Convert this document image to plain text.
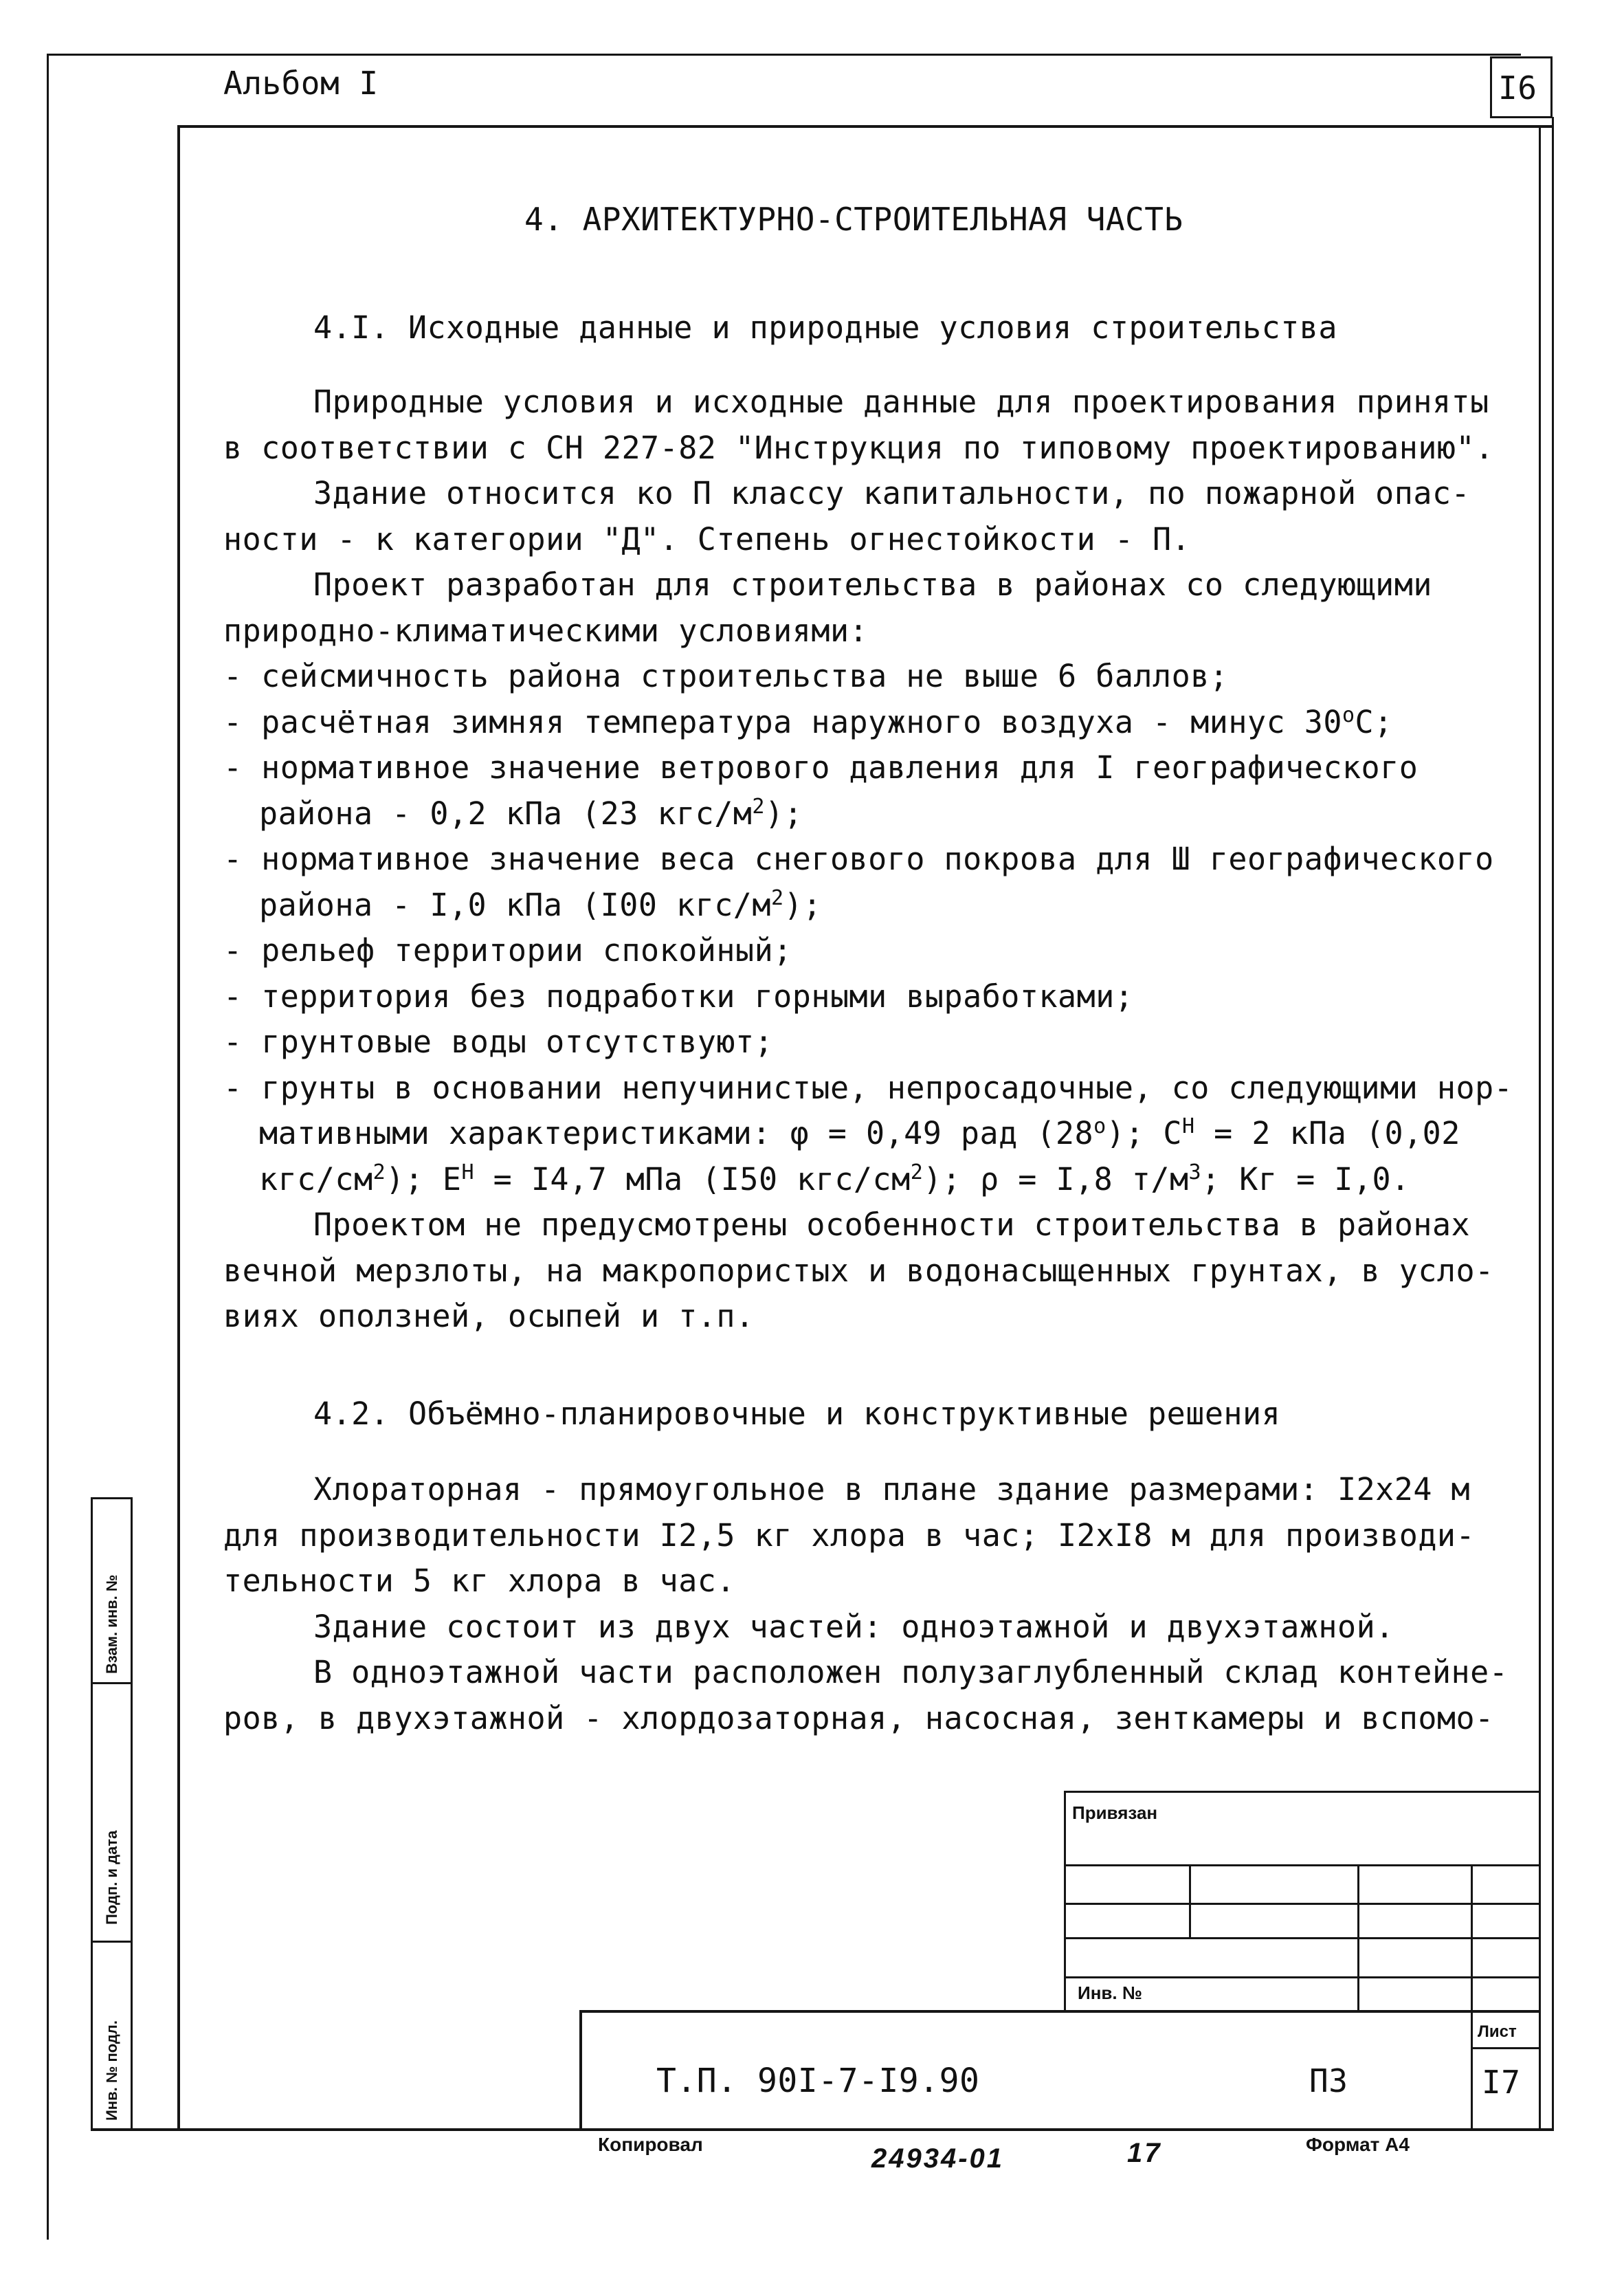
Альбом I	I6
Взам. инв. №
Подп. и дата
Инв. № подл.
4. АРХИТЕКТУРНО-СТРОИТЕЛЬНАЯ ЧАСТЬ
4.I. Исходные данные и природные условия строительства
Природные условия и исходные данные для проектирования приняты
в соответствии с СН 227-82 "Инструкция по типовому проектированию".
Здание относится ко П классу капитальности, по пожарной опас-
ности - к категории "Д". Степень огнестойкости - П.
Проект разработан для строительства в районах со следующими
природно-климатическими условиями:
- сейсмичность района строительства не выше 6 баллов;
- расчётная зимняя температура наружного воздуха - минус $30^оС$;
- нормативное значение ветрового давления для I географического
района - 0,2 кПа (23 кгс/$м^2$);
- нормативное значение веса снегового покрова для Ш географического
района - I,0 кПа (I00 кгс/$м^2$);
- рельеф территории спокойный;
- территория без подработки горными выработками;
- грунтовые воды отсутствуют;
- грунты в основании непучинистые, непросадочные, со следующими нор-
мативными характеристиками: φ = 0,49 рад $(28^о)$; $С^Н = 2$ кПа (0,02
кгс/$см^2$); $Е^Н = I4,7$ мПа (I50 кгс/$см^2$); ρ = I,8 $т/м^3$; Кг = I,0.
Проектом не предусмотрены особенности строительства в районах
вечной мерзлоты, на макропористых и водонасыщенных грунтах, в усло-
виях оползней, осыпей и т.п.
4.2. Объёмно-планировочные и конструктивные решения
Хлораторная - прямоугольное в плане здание размерами: I2x24 м
для производительности I2,5 кг хлора в час; I2xI8 м для производи-
тельности 5 кг хлора в час.
Здание состоит из двух частей: одноэтажной и двухэтажной.
В одноэтажной части расположен полузаглубленный склад контейне-
ров, в двухэтажной - хлордозаторная, насосная, зенткамеры и вспомо-
Привязан
Инв. №
Лист
I7
Т.П. 90I-7-I9.90	ПЗ
Копировал	24934-01	17	Формат А4
